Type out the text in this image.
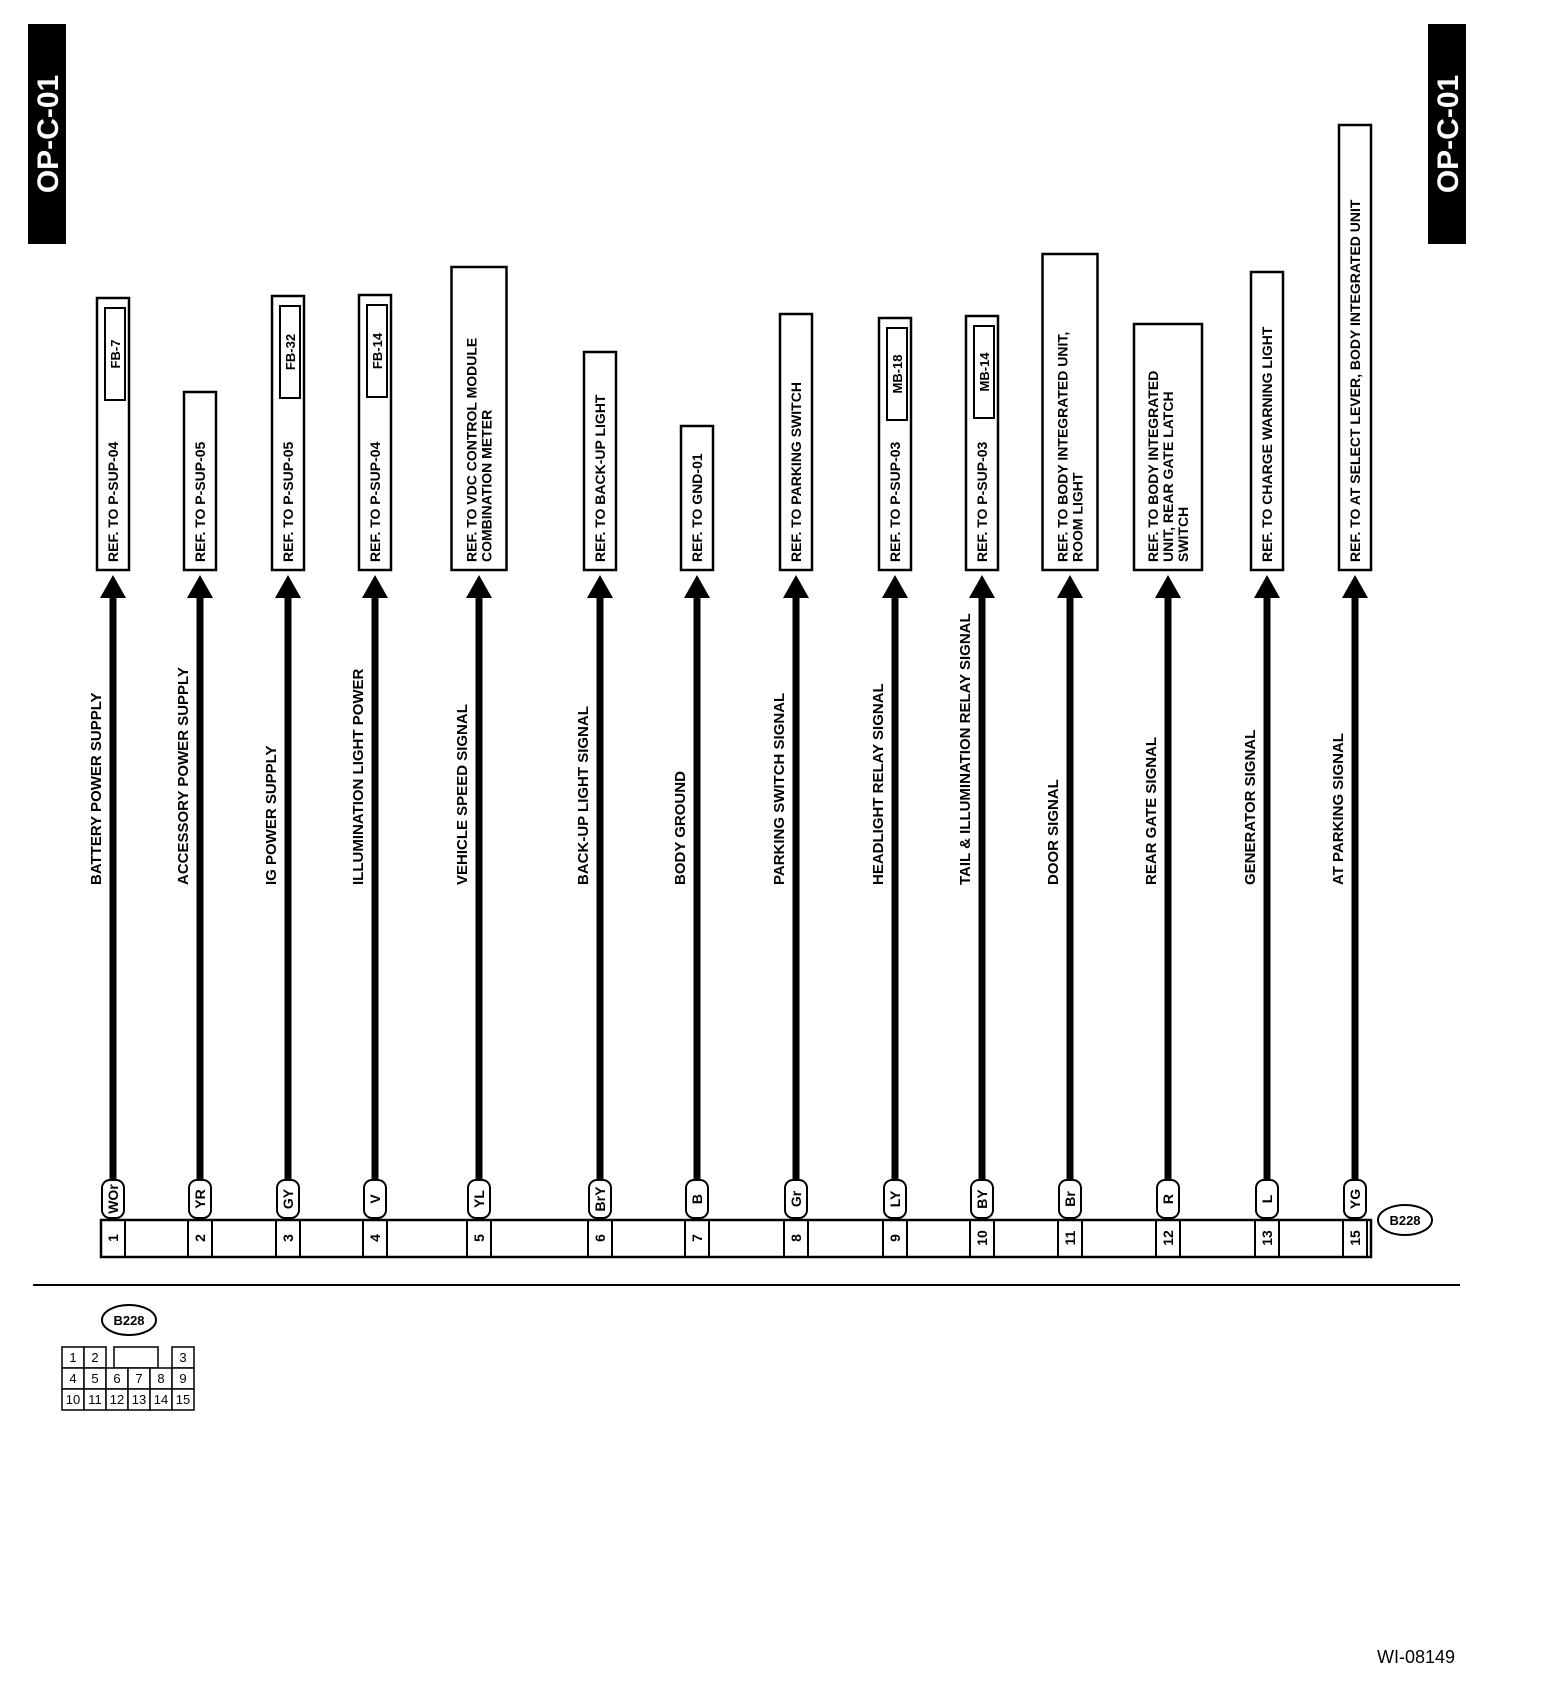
OP-C-01	OP-C-01
REF. TO P-SUP-04
FB-7
BATTERY POWER SUPPLY
WOr
1
REF. TO P-SUP-05
ACCESSORY POWER SUPPLY
YR
2
REF. TO P-SUP-05
FB-32
IG POWER SUPPLY
GY
3
REF. TO P-SUP-04
FB-14
ILLUMINATION LIGHT POWER
V
4
REF. TO VDC CONTROL MODULE COMBINATION METER
VEHICLE SPEED SIGNAL
YL
5
REF. TO BACK-UP LIGHT
BACK-UP LIGHT SIGNAL
BrY
6
REF. TO GND-01
BODY GROUND
B
7
REF. TO PARKING SWITCH
PARKING SWITCH SIGNAL
Gr
8
REF. TO P-SUP-03
MB-18
HEADLIGHT RELAY SIGNAL
LY
9
REF. TO P-SUP-03
MB-14
TAIL & ILLUMINATION RELAY SIGNAL
BY
10
REF. TO BODY INTEGRATED UNIT, ROOM LIGHT
DOOR SIGNAL
Br
11
REF. TO BODY INTEGRATED UNIT, REAR GATE LATCH SWITCH
REAR GATE SIGNAL
R
12
REF. TO CHARGE WARNING LIGHT
GENERATOR SIGNAL
L
13
REF. TO AT SELECT LEVER, BODY INTEGRATED UNIT
AT PARKING SIGNAL
YG
15
B228
B228
1 2	3
4 5 6 7 8 9
10 11 12 13 14 15
WI-08149
